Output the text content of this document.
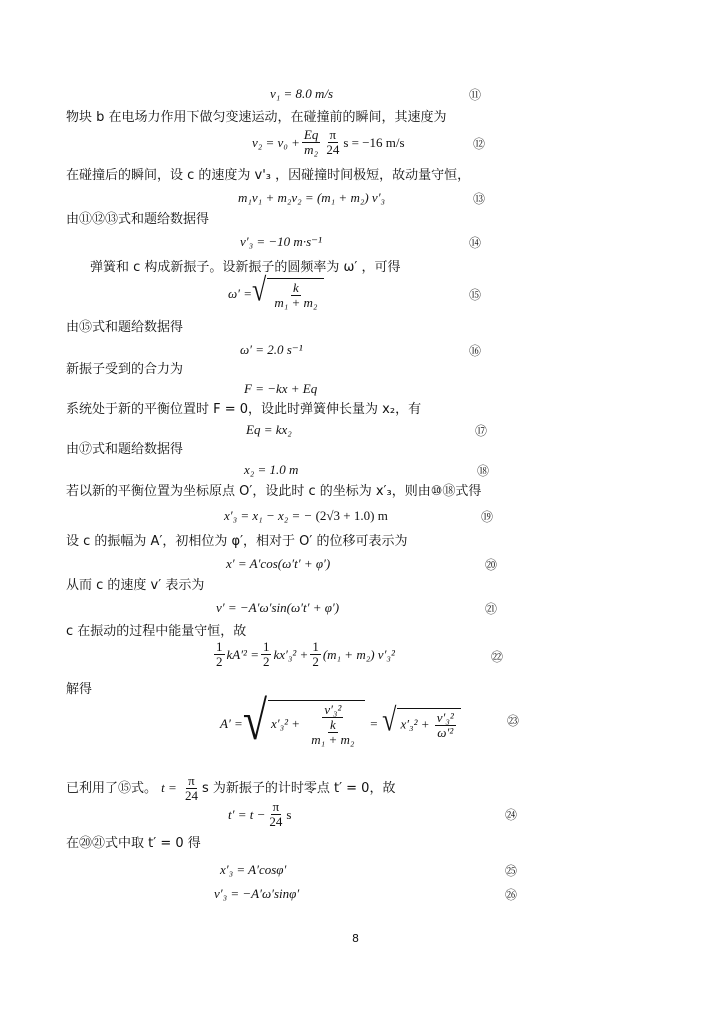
v₁ = 8.0 m/s	⑪
物块 b 在电场力作用下做匀变速运动，在碰撞前的瞬间，其速度为
$v_2 = v_0 + \frac{Eq}{\text{m₂}} \frac{\pi}{24}$ s = −16 m/s	⑫
在碰撞后的瞬间，设 c 的速度为 v'₃ ，因碰撞时间极短，故动量守恒，
m₁v₁ + m₂v₂ = (m₁ + m₂) v′₃	⑬
由⑪⑫⑬式和题给数据得
v′₃ = −10 m·s⁻¹	⑭
弹簧和 c 构成新振子。设新振子的圆频率为 ω′ ，可得
ω′ = √ $\frac{k}{\text{m₁ + m₂}}$	⑮
由⑮式和题给数据得
ω′ = 2.0 s⁻¹	⑯
新振子受到的合力为
F = −kx + Eq
系统处于新的平衡位置时 F = 0，设此时弹簧伸长量为 x₂，有
Eq = kx₂	⑰
由⑰式和题给数据得
x₂ = 1.0 m	⑱
若以新的平衡位置为坐标原点 O′，设此时 c 的坐标为 x′₃，则由⑩⑱式得
x′₃ = x₁ − x₂ = −
(2√3 + 1.0)
m	⑲
设 c 的振幅为 A′，初相位为 φ′，相对于 O′ 的位移可表示为
x′ = A′cos(ω′t′ + φ′)	⑳
从而 c 的速度 v′ 表示为
v′ = −A′ω′sin(ω′t′ + φ′)	㉑
c 在振动的过程中能量守恒，故
$\frac{1}{2} kA'^2 = \frac{1}{2} kx'_3^2 + \frac{1}{2} (m_1 + m_2)$ v′₃²	㉒
解得
A′ = √ $x'_3^2 + \frac{\text{v′₃²}}{\frac{k}{\text{m₁ + m₂}}}$ = √ $x'_3^2 + \frac{\text{v′₃²}}{\text{ω′²}}$	㉓
已利用了⑮式。 $t = \frac{\pi}{24}$ s 为新振子的计时零点 t′ = 0，故
$t' = t - \frac{\pi}{24}$ s	㉔
在⑳㉑式中取 t′ = 0 得
x′₃ = A′cosφ′	㉕
v′₃ = −A′ω′sinφ′	㉖
8
